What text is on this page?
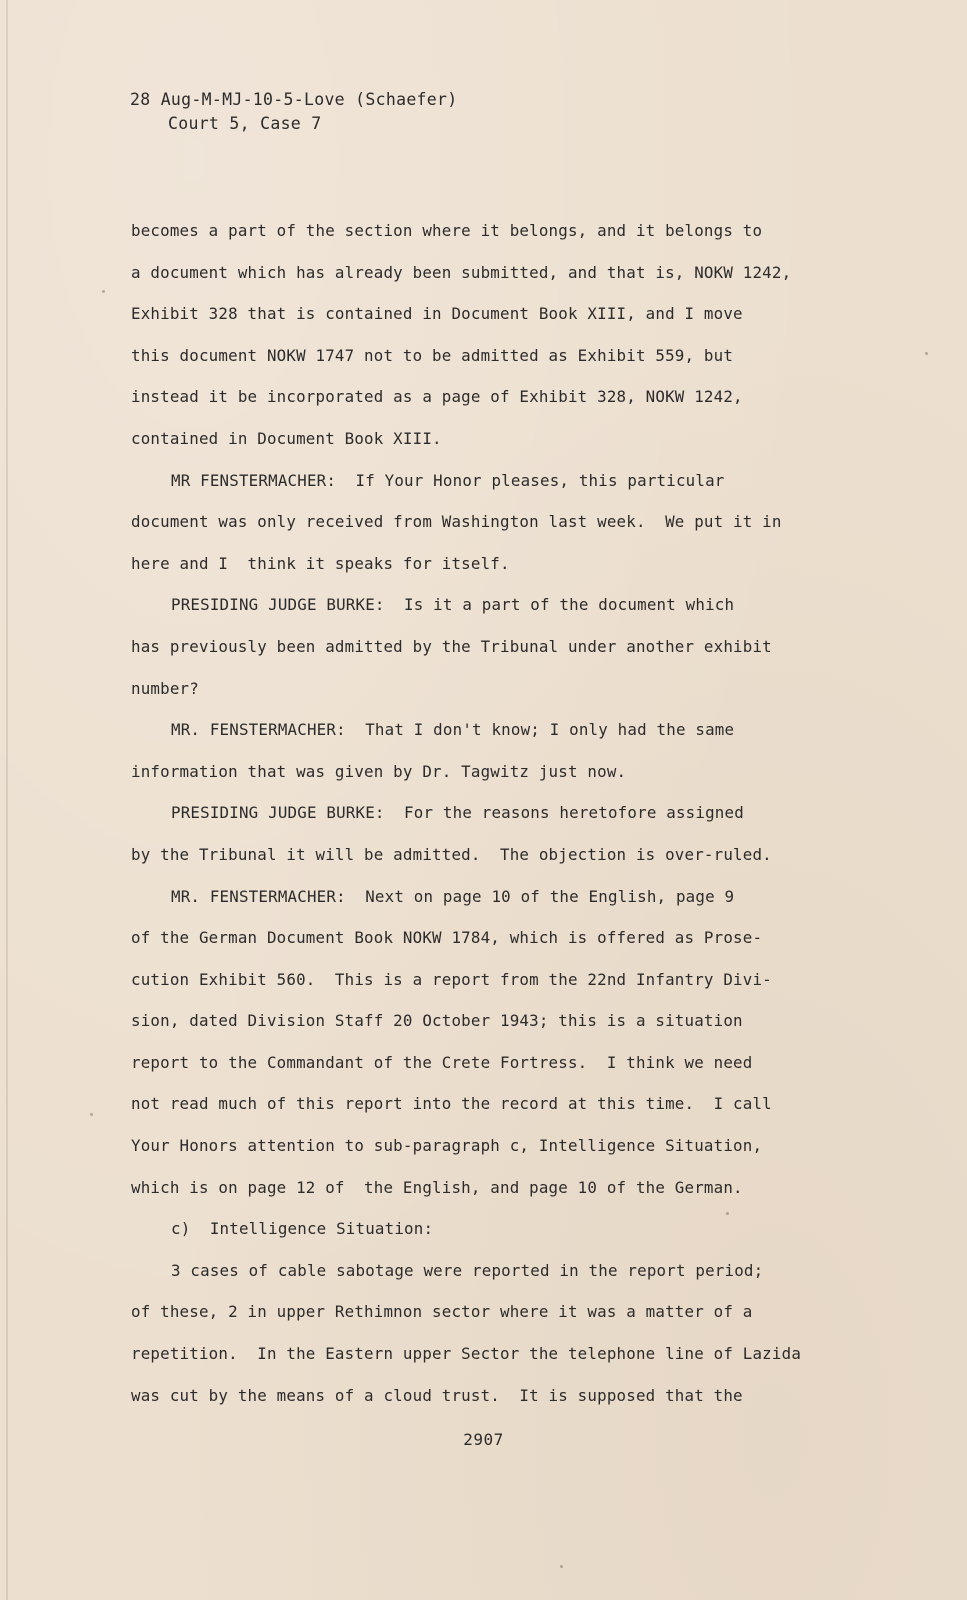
28 Aug-M-MJ-10-5-Love (Schaefer)
Court 5, Case 7
becomes a part of the section where it belongs, and it belongs to
a document which has already been submitted, and that is, NOKW 1242,
Exhibit 328 that is contained in Document Book XIII, and I move
this document NOKW 1747 not to be admitted as Exhibit 559, but
instead it be incorporated as a page of Exhibit 328, NOKW 1242,
contained in Document Book XIII.
MR FENSTERMACHER:  If Your Honor pleases, this particular
document was only received from Washington last week.  We put it in
here and I  think it speaks for itself.
PRESIDING JUDGE BURKE:  Is it a part of the document which
has previously been admitted by the Tribunal under another exhibit
number?
MR. FENSTERMACHER:  That I don't know; I only had the same
information that was given by Dr. Tagwitz just now.
PRESIDING JUDGE BURKE:  For the reasons heretofore assigned
by the Tribunal it will be admitted.  The objection is over-ruled.
MR. FENSTERMACHER:  Next on page 10 of the English, page 9
of the German Document Book NOKW 1784, which is offered as Prose-
cution Exhibit 560.  This is a report from the 22nd Infantry Divi-
sion, dated Division Staff 20 October 1943; this is a situation
report to the Commandant of the Crete Fortress.  I think we need
not read much of this report into the record at this time.  I call
Your Honors attention to sub-paragraph c, Intelligence Situation,
which is on page 12 of  the English, and page 10 of the German.
c)  Intelligence Situation:
3 cases of cable sabotage were reported in the report period;
of these, 2 in upper Rethimnon sector where it was a matter of a
repetition.  In the Eastern upper Sector the telephone line of Lazida
was cut by the means of a cloud trust.  It is supposed that the
2907
